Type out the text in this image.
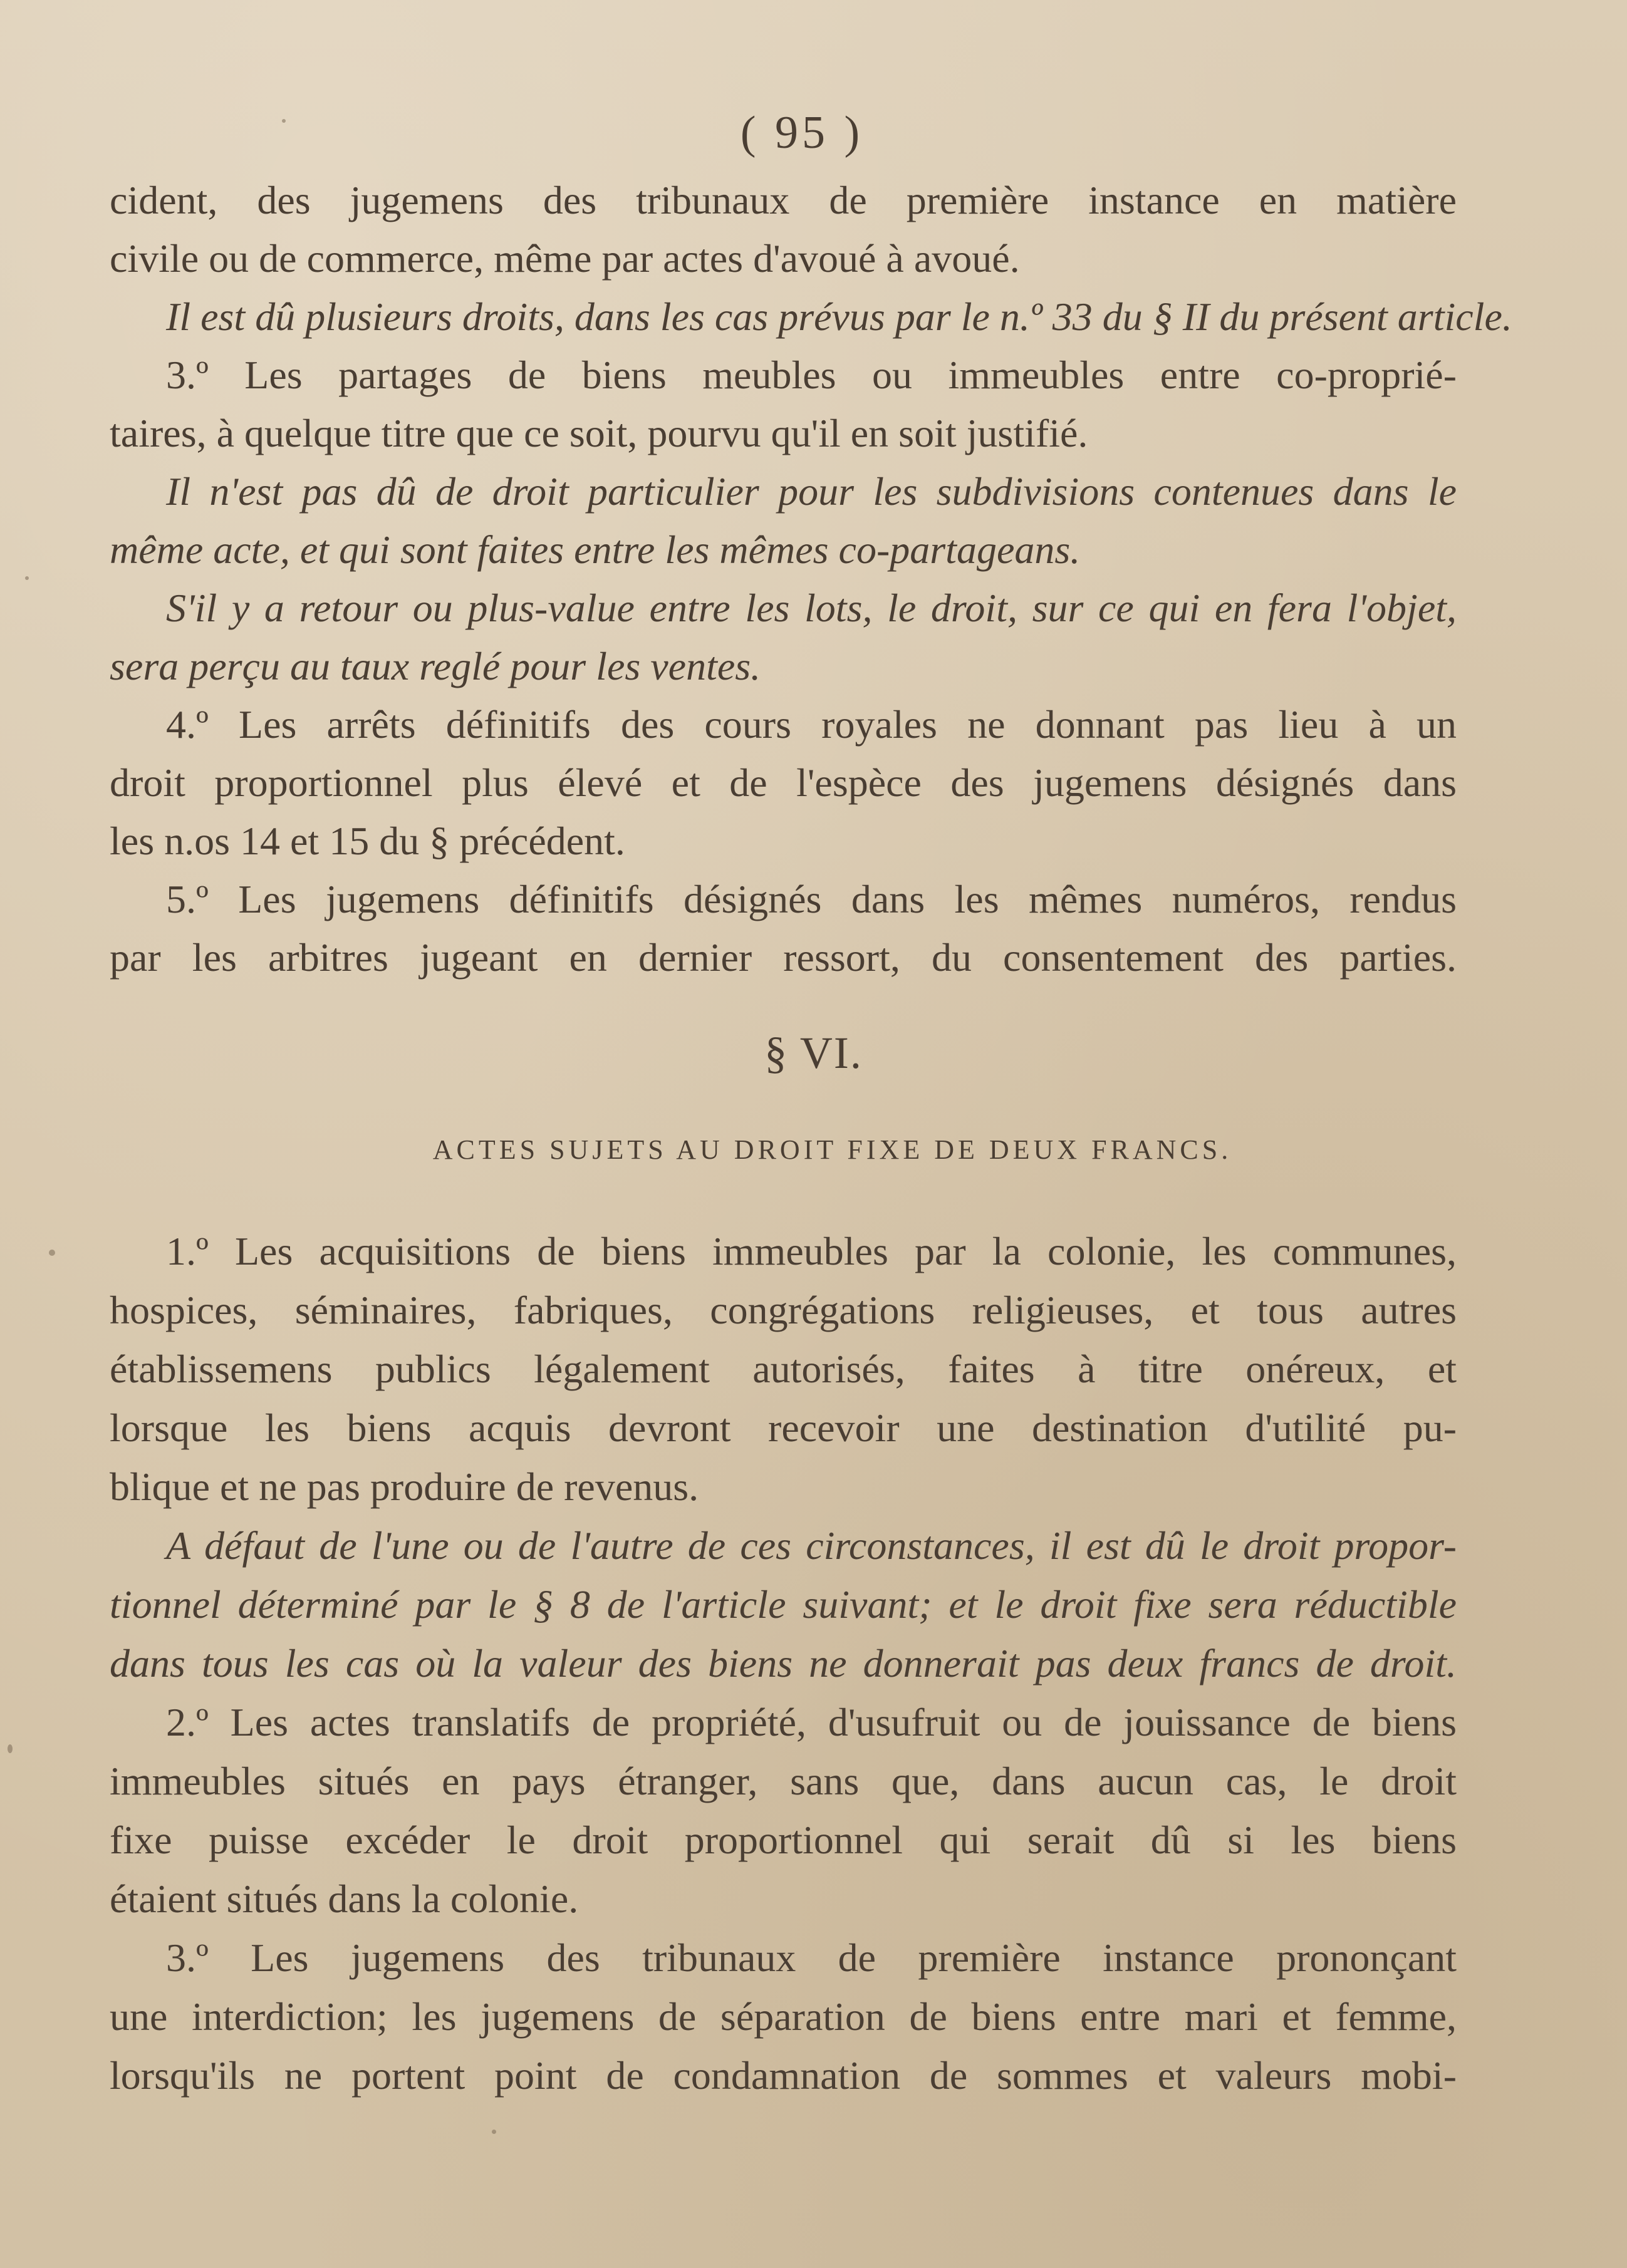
( 95 )
cident, des jugemens des tribunaux de première instance en matière
civile ou de commerce, même par actes d'avoué à avoué.
Il est dû plusieurs droits, dans les cas prévus par le n.º 33 du § II du présent article.
3.º Les partages de biens meubles ou immeubles entre co-proprié-
taires, à quelque titre que ce soit, pourvu qu'il en soit justifié.
Il n'est pas dû de droit particulier pour les subdivisions contenues dans le
même acte, et qui sont faites entre les mêmes co-partageans.
S'il y a retour ou plus-value entre les lots, le droit, sur ce qui en fera l'objet,
sera perçu au taux reglé pour les ventes.
4.º Les arrêts définitifs des cours royales ne donnant pas lieu à un
droit proportionnel plus élevé et de l'espèce des jugemens désignés dans
les n.os 14 et 15 du § précédent.
5.º Les jugemens définitifs désignés dans les mêmes numéros, rendus
par les arbitres jugeant en dernier ressort, du consentement des parties.
§ VI.
ACTES SUJETS AU DROIT FIXE DE DEUX FRANCS.
1.º Les acquisitions de biens immeubles par la colonie, les communes,
hospices, séminaires, fabriques, congrégations religieuses, et tous autres
établissemens publics légalement autorisés, faites à titre onéreux, et
lorsque les biens acquis devront recevoir une destination d'utilité pu-
blique et ne pas produire de revenus.
A défaut de l'une ou de l'autre de ces circonstances, il est dû le droit propor-
tionnel déterminé par le § 8 de l'article suivant; et le droit fixe sera réductible
dans tous les cas où la valeur des biens ne donnerait pas deux francs de droit.
2.º Les actes translatifs de propriété, d'usufruit ou de jouissance de biens
immeubles situés en pays étranger, sans que, dans aucun cas, le droit
fixe puisse excéder le droit proportionnel qui serait dû si les biens
étaient situés dans la colonie.
3.º Les jugemens des tribunaux de première instance prononçant
une interdiction; les jugemens de séparation de biens entre mari et femme,
lorsqu'ils ne portent point de condamnation de sommes et valeurs mobi-
